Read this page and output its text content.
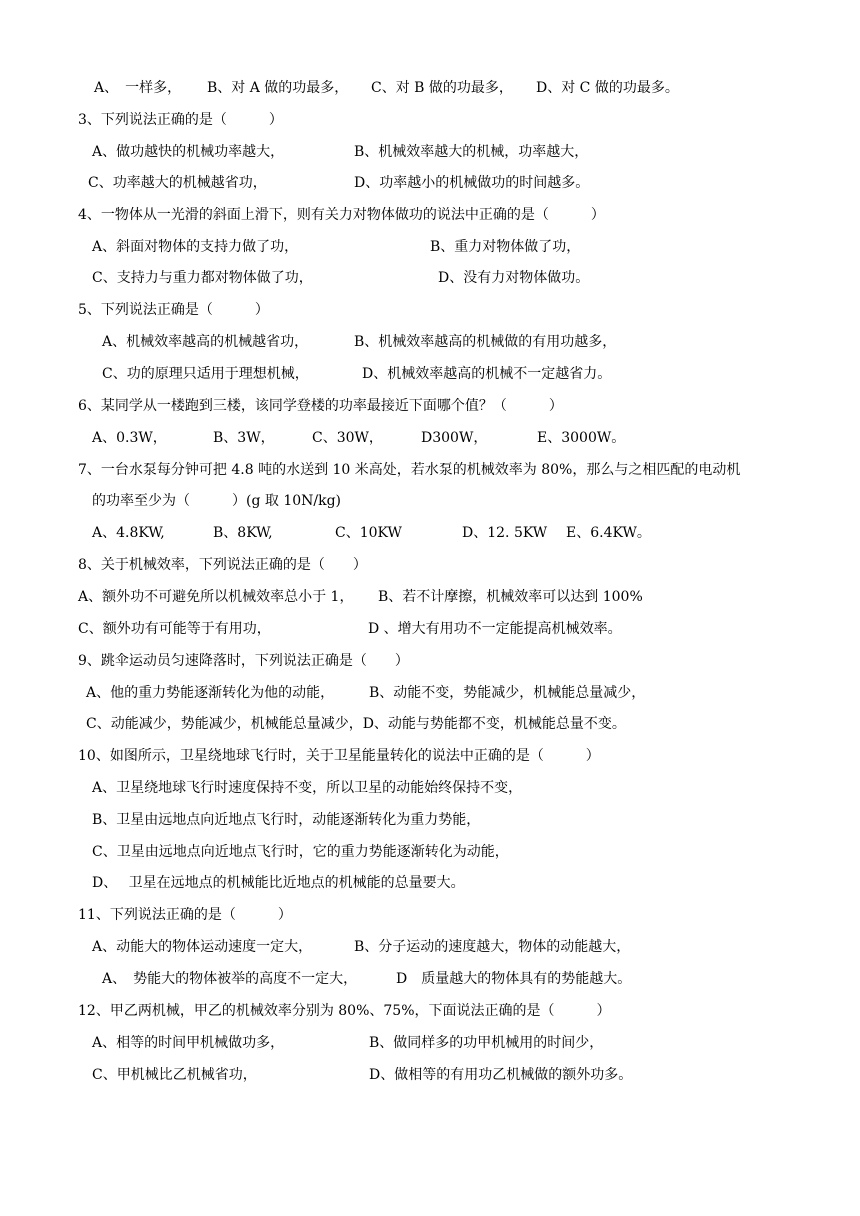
A、　一样多， B、对 A 做的功最多， C、对 B 做的功最多， D、对 C 做的功最多。
3、下列说法正确的是（　　　）
A、做功越快的机械功率越大，	B、机械效率越大的机械，功率越大，
C、功率越大的机械越省功，	D、功率越小的机械做功的时间越多。
4、一物体从一光滑的斜面上滑下，则有关力对物体做功的说法中正确的是（　　　）
A、斜面对物体的支持力做了功，	B、重力对物体做了功，
C、支持力与重力都对物体做了功，	D、没有力对物体做功。
5、下列说法正确是（　　　）
A、机械效率越高的机械越省功，	B、机械效率越高的机械做的有用功越多，
C、功的原理只适用于理想机械，	D、机械效率越高的机械不一定越省力。
6、某同学从一楼跑到三楼，该同学登楼的功率最接近下面哪个值？（　　　）
A、0.3W，	B、3W，	C、30W，	D300W，	E、3000W。
7、一台水泵每分钟可把 4.8 吨的水送到 10 米高处，若水泵的机械效率为 80%，那么与之相匹配的电动机
的功率至少为（　　　）(g 取 10N/kg)
A、4.8KW,	B、8KW,	C、10KW	D、12. 5KW E、6.4KW。
8、关于机械效率，下列说法正确的是（　　）
A、额外功不可避免所以机械效率总小于 1， B、若不计摩擦，机械效率可以达到 100%
C、额外功有可能等于有用功，	D 、增大有用功不一定能提高机械效率。
9、跳伞运动员匀速降落时，下列说法正确是（　　）
A、他的重力势能逐渐转化为他的动能， B、动能不变，势能减少，机械能总量减少，
C、动能减少，势能减少，机械能总量减少，D、动能与势能都不变，机械能总量不变。
10、如图所示，卫星绕地球飞行时，关于卫星能量转化的说法中正确的是（　　　）
A、卫星绕地球飞行时速度保持不变，所以卫星的动能始终保持不变，
B、卫星由远地点向近地点飞行时，动能逐渐转化为重力势能，
C、卫星由远地点向近地点飞行时，它的重力势能逐渐转化为动能，
D、　 卫星在远地点的机械能比近地点的机械能的总量要大。
11、下列说法正确的是（　　　）
A、动能大的物体运动速度一定大，	B、分子运动的速度越大，物体的动能越大，
A、　势能大的物体被举的高度不一定大，	D　质量越大的物体具有的势能越大。
12、甲乙两机械，甲乙的机械效率分别为 80%、75%，下面说法正确的是（　　　）
A、相等的时间甲机械做功多，	B、做同样多的功甲机械用的时间少，
C、甲机械比乙机械省功，	D、做相等的有用功乙机械做的额外功多。
